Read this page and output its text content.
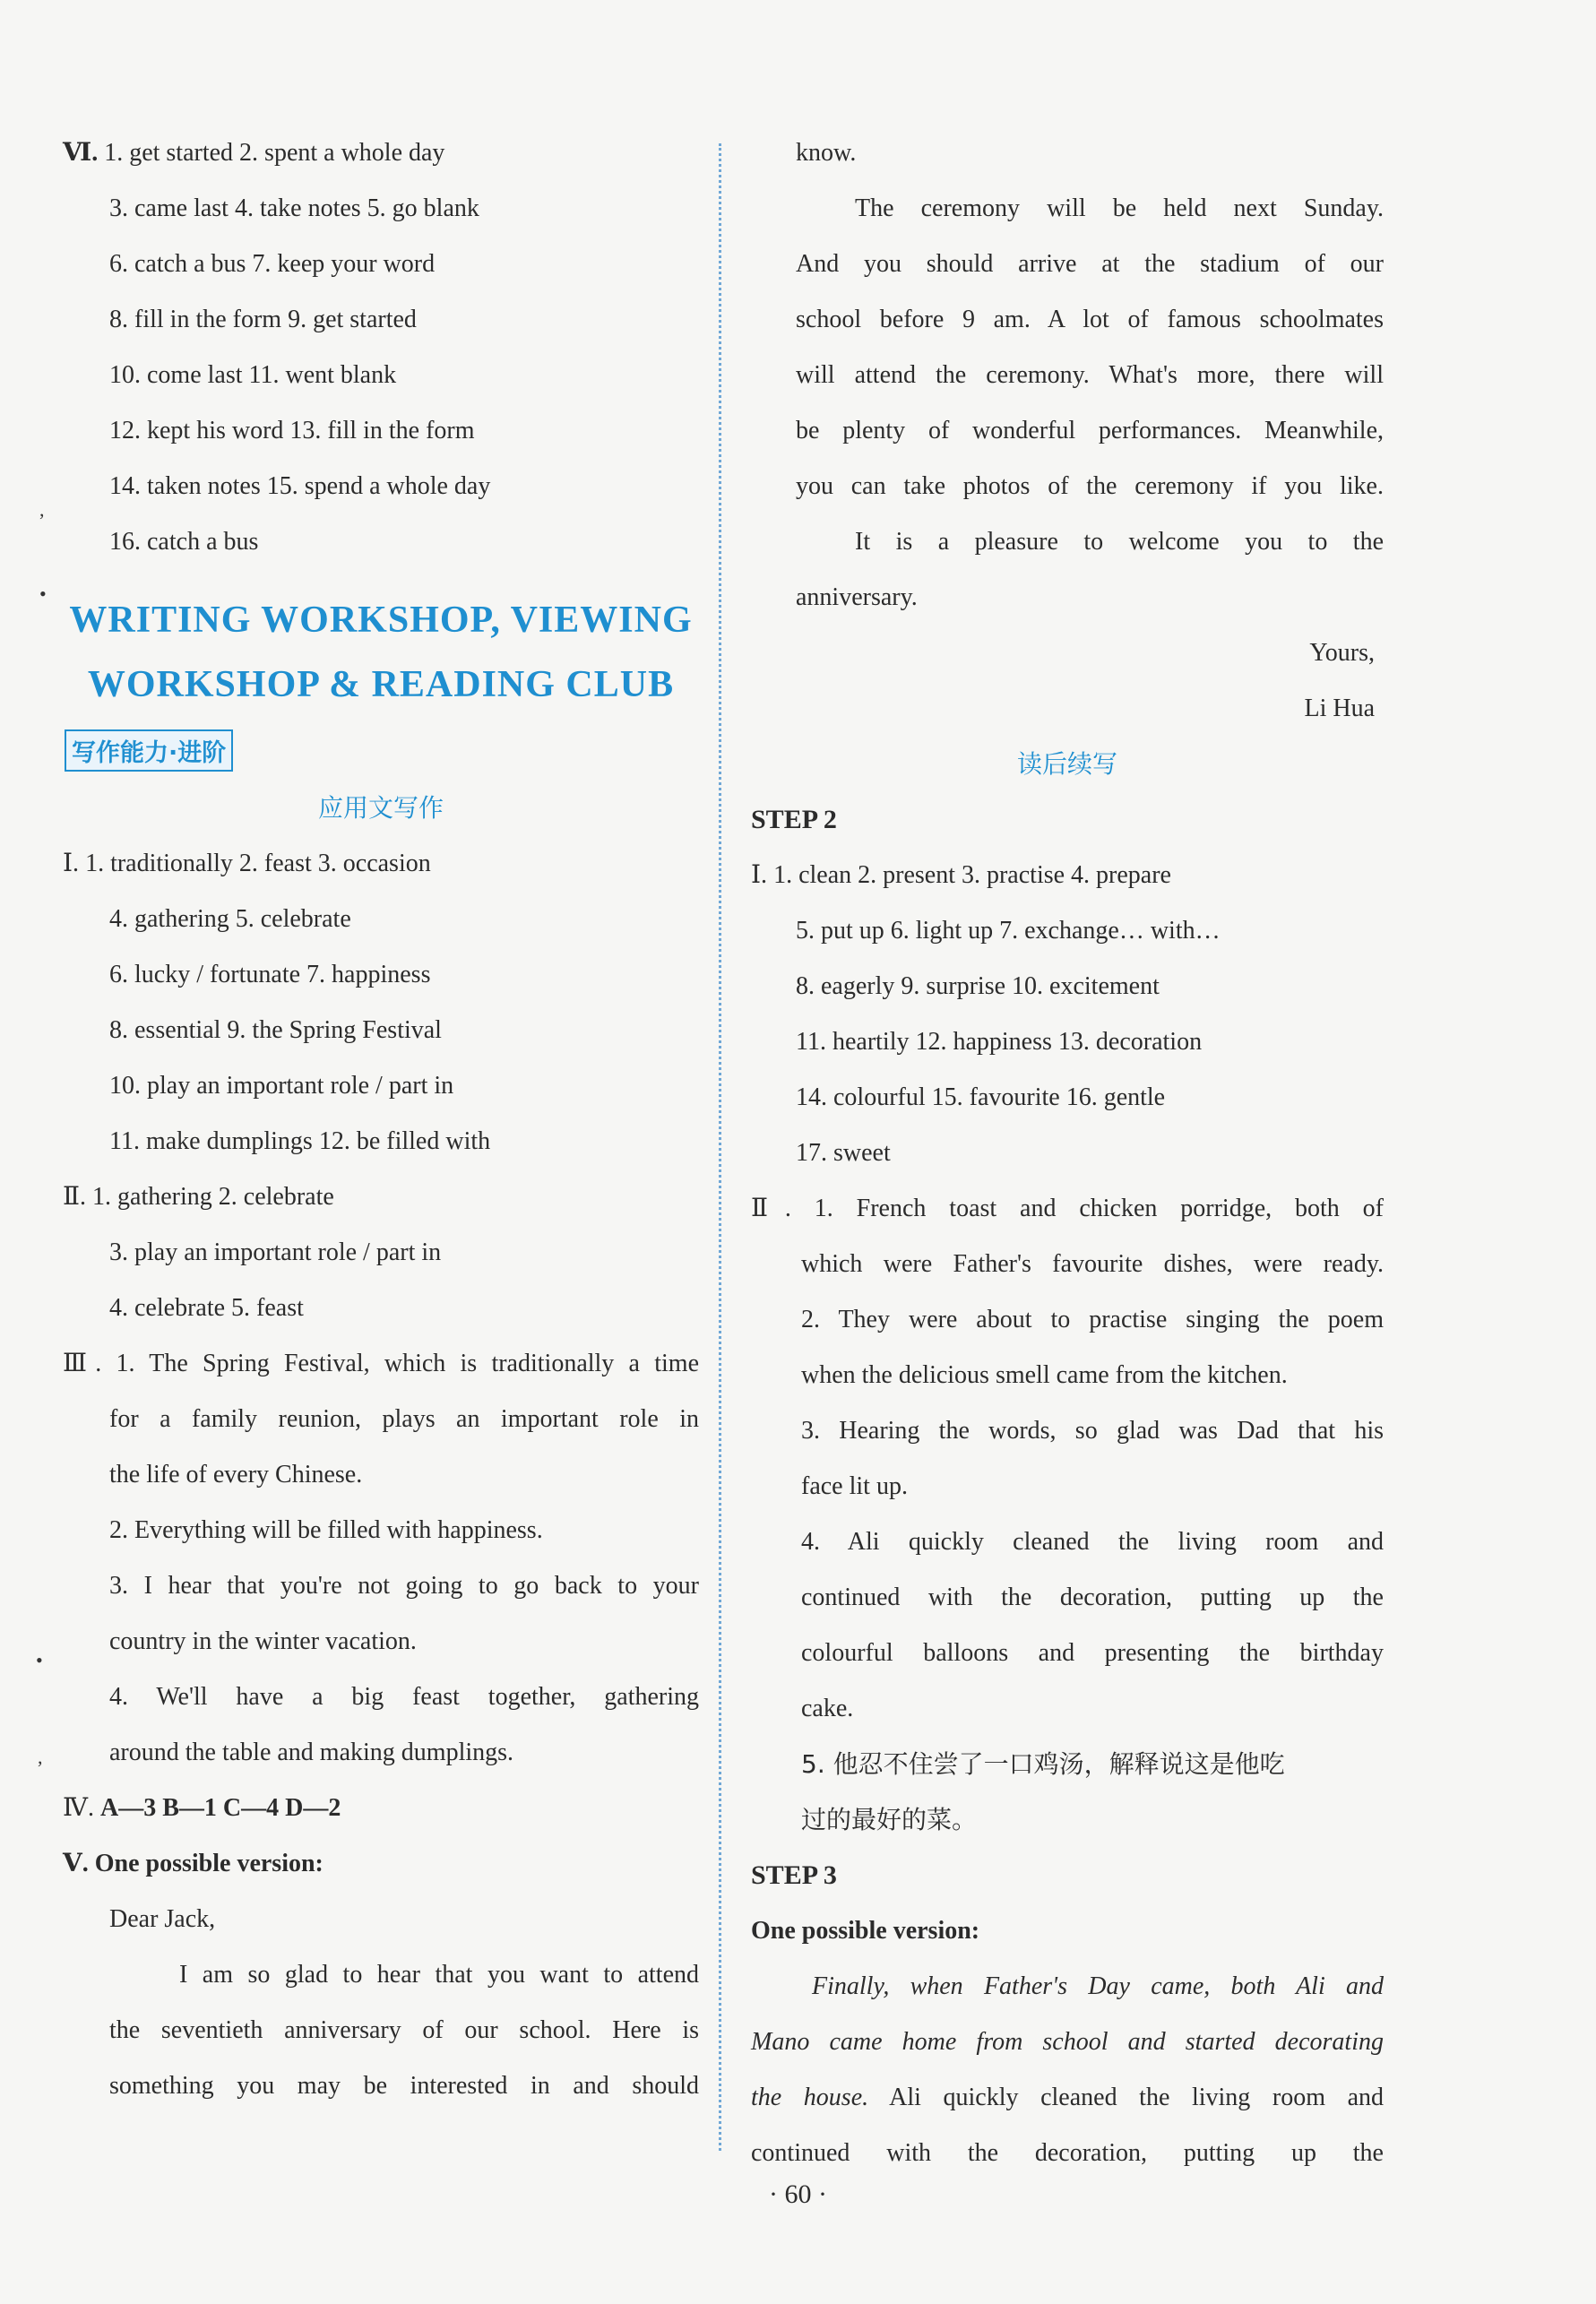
,
•
•
,
Ⅵ. 1. get started 2. spent a whole day
3. came last 4. take notes 5. go blank
6. catch a bus 7. keep your word
8. fill in the form 9. get started
10. come last 11. went blank
12. kept his word 13. fill in the form
14. taken notes 15. spend a whole day
16. catch a bus
WRITING WORKSHOP, VIEWING
WORKSHOP & READING CLUB
写作能力·进阶
应用文写作
Ⅰ. 1. traditionally 2. feast 3. occasion
4. gathering 5. celebrate
6. lucky / fortunate 7. happiness
8. essential 9. the Spring Festival
10. play an important role / part in
11. make dumplings 12. be filled with
Ⅱ. 1. gathering 2. celebrate
3. play an important role / part in
4. celebrate 5. feast
Ⅲ. 1. The Spring Festival, which is traditionally a time
for a family reunion, plays an important role in
the life of every Chinese.
2. Everything will be filled with happiness.
3. I hear that you're not going to go back to your
country in the winter vacation.
4. We'll have a big feast together, gathering
around the table and making dumplings.
Ⅳ. A—3 B—1 C—4 D—2
Ⅴ. One possible version:
Dear Jack,
I am so glad to hear that you want to attend
the seventieth anniversary of our school. Here is
something you may be interested in and should
know.
The ceremony will be held next Sunday.
And you should arrive at the stadium of our
school before 9 am. A lot of famous schoolmates
will attend the ceremony. What's more, there will
be plenty of wonderful performances. Meanwhile,
you can take photos of the ceremony if you like.
It is a pleasure to welcome you to the
anniversary.
Yours,
Li Hua
读后续写
STEP 2
Ⅰ. 1. clean 2. present 3. practise 4. prepare
5. put up 6. light up 7. exchange… with…
8. eagerly 9. surprise 10. excitement
11. heartily 12. happiness 13. decoration
14. colourful 15. favourite 16. gentle
17. sweet
Ⅱ. 1. French toast and chicken porridge, both of
which were Father's favourite dishes, were ready.
2. They were about to practise singing the poem
when the delicious smell came from the kitchen.
3. Hearing the words, so glad was Dad that his
face lit up.
4. Ali quickly cleaned the living room and
continued with the decoration, putting up the
colourful balloons and presenting the birthday
cake.
5. 他忍不住尝了一口鸡汤，解释说这是他吃
过的最好的菜。
STEP 3
One possible version:
Finally, when Father's Day came, both Ali and
Mano came home from school and started decorating
the house. Ali quickly cleaned the living room and
continued with the decoration, putting up the
· 60 ·
